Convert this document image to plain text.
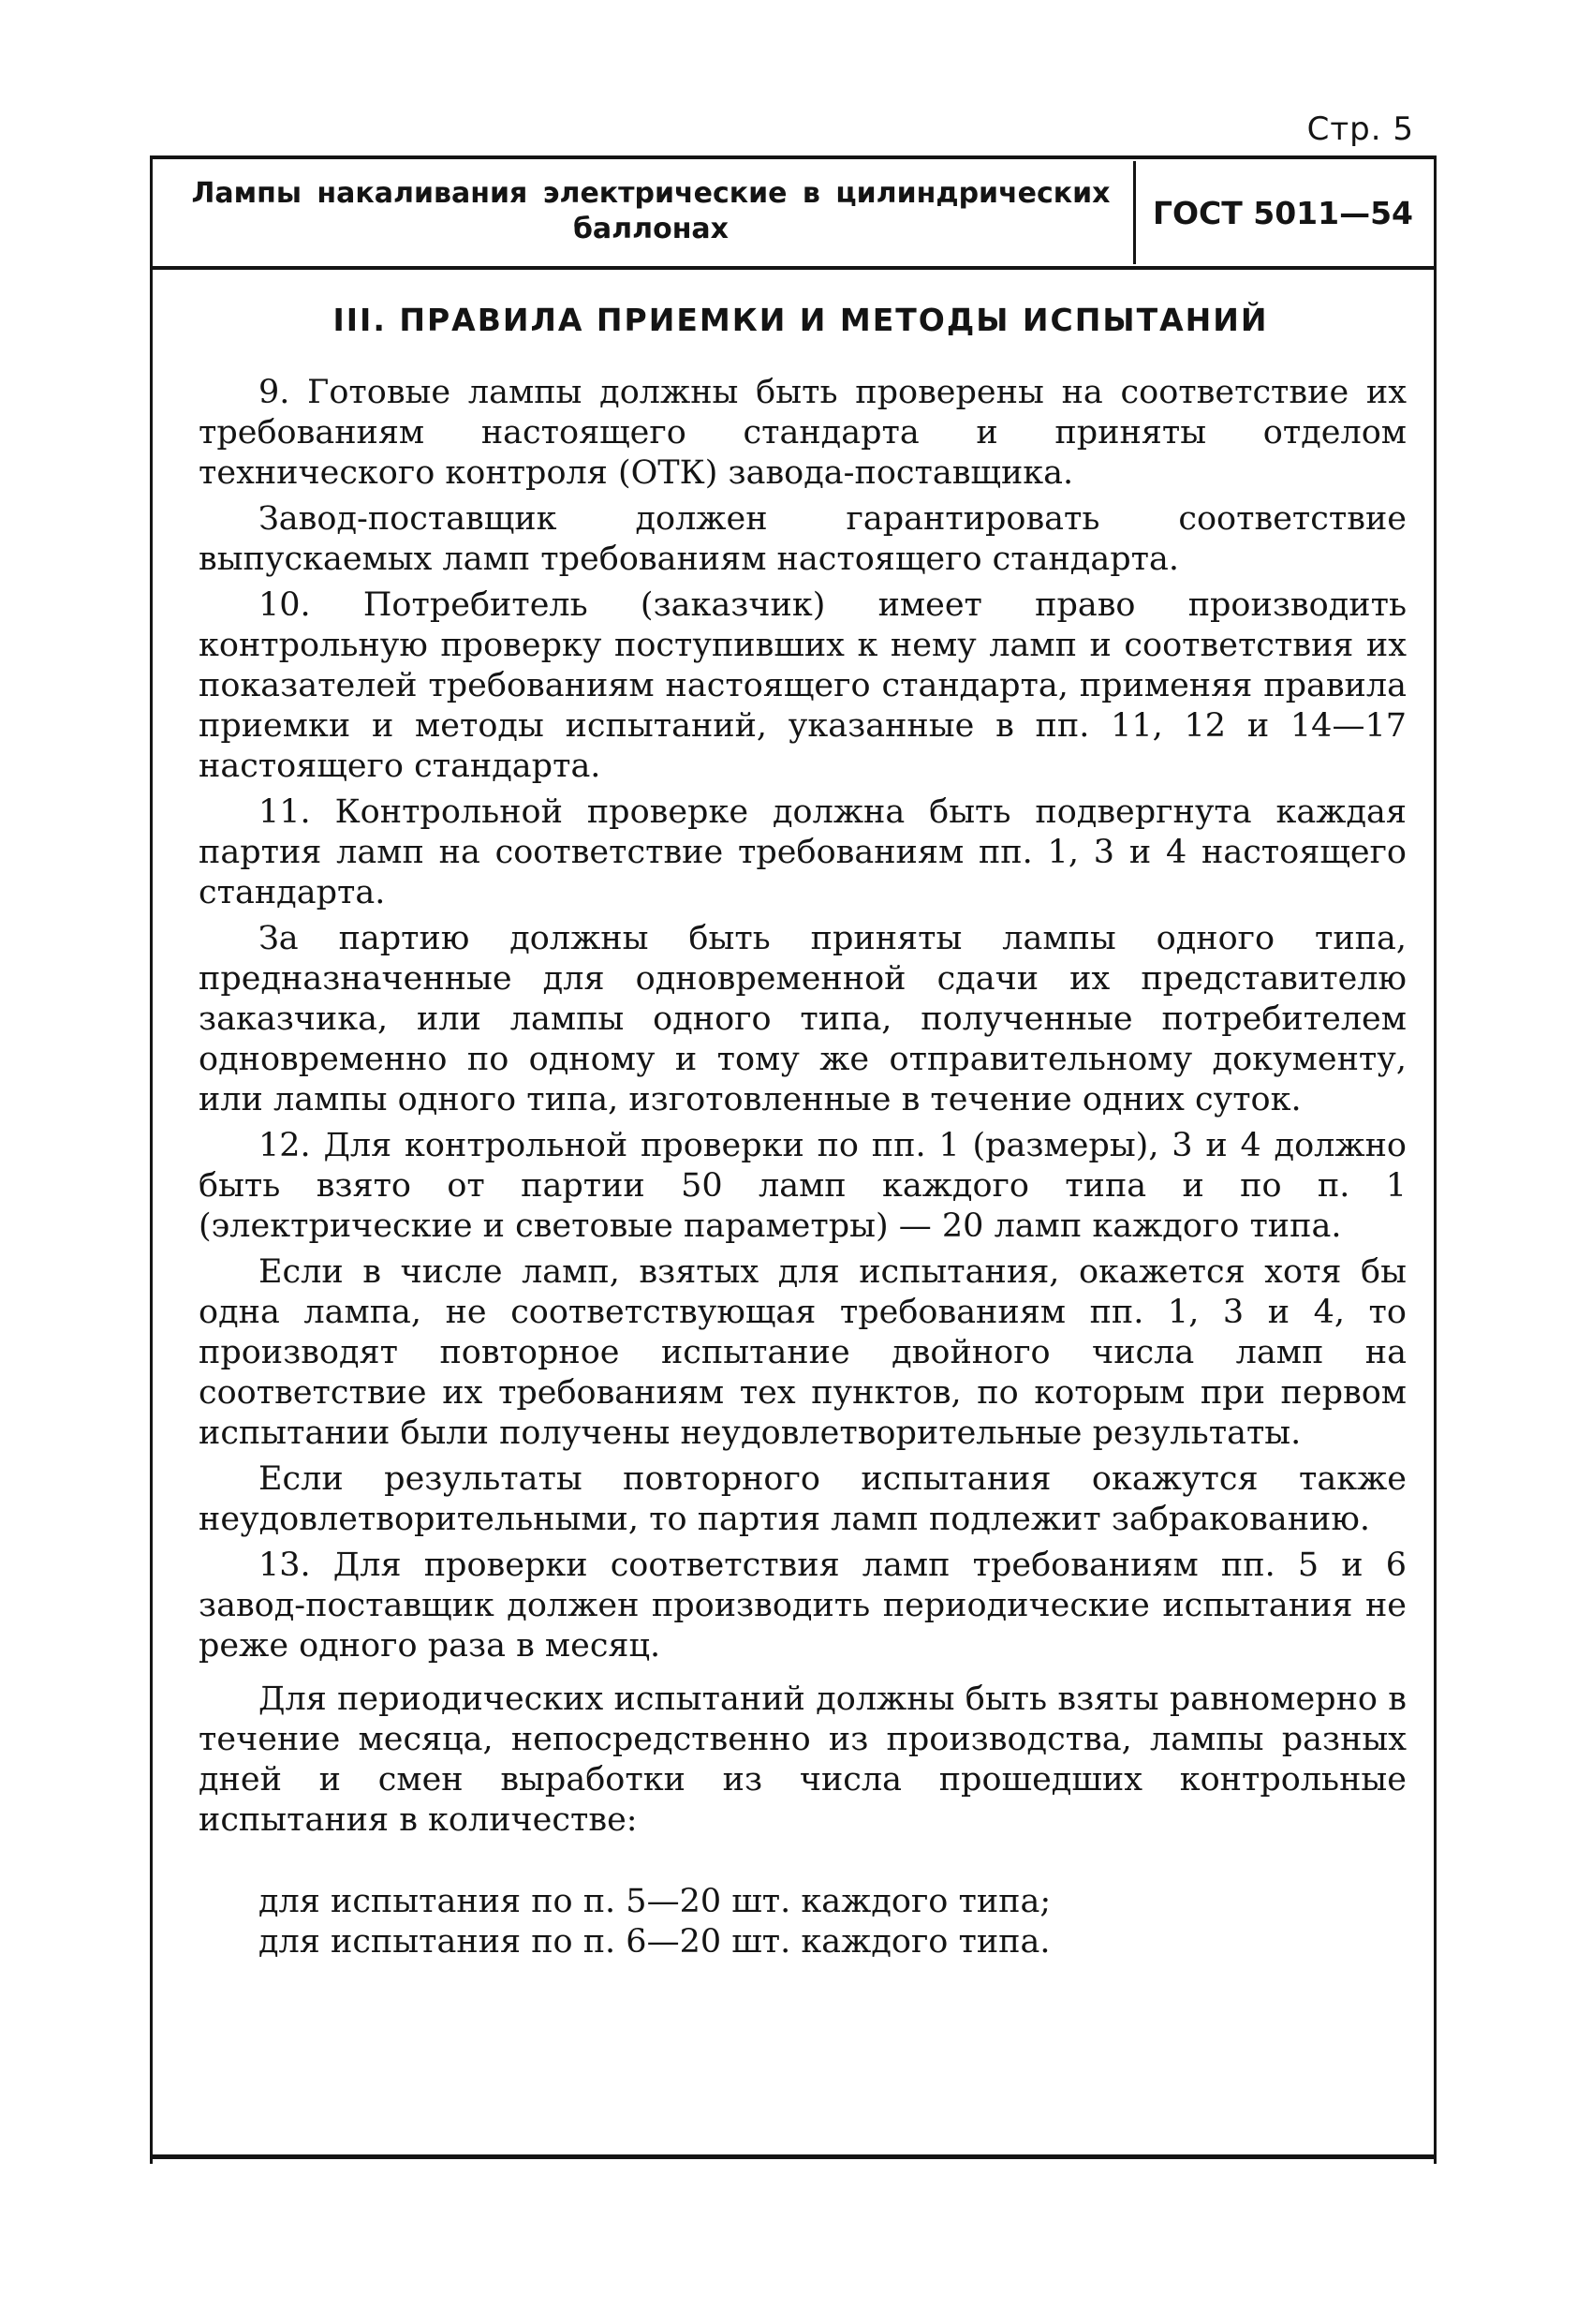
Стр. 5
Лампы накаливания электрические в цилиндрических баллонах	ГОСТ 5011—54
III. ПРАВИЛА ПРИЕМКИ И МЕТОДЫ ИСПЫТАНИЙ

9. Готовые лампы должны быть проверены на соответствие их требованиям настоящего стандарта и приняты отделом технического контроля (ОТК) завода-поставщика.

Завод-поставщик должен гарантировать соответствие выпускаемых ламп требованиям настоящего стандарта.

10. Потребитель (заказчик) имеет право производить контрольную проверку поступивших к нему ламп и соответствия их показателей требованиям настоящего стандарта, применяя правила приемки и методы испытаний, указанные в пп. 11, 12 и 14—17 настоящего стандарта.

11. Контрольной проверке должна быть подвергнута каждая партия ламп на соответствие требованиям пп. 1, 3 и 4 настоящего стандарта.

За партию должны быть приняты лампы одного типа, предназначенные для одновременной сдачи их представителю заказчика, или лампы одного типа, полученные потребителем одновременно по одному и тому же отправительному документу, или лампы одного типа, изготовленные в течение одних суток.

12. Для контрольной проверки по пп. 1 (размеры), 3 и 4 должно быть взято от партии 50 ламп каждого типа и по п. 1 (электрические и световые параметры) — 20 ламп каждого типа.

Если в числе ламп, взятых для испытания, окажется хотя бы одна лампа, не соответствующая требованиям пп. 1, 3 и 4, то производят повторное испытание двойного числа ламп на соответствие их требованиям тех пунктов, по которым при первом испытании были получены неудовлетворительные результаты.

Если результаты повторного испытания окажутся также неудовлетворительными, то партия ламп подлежит забракованию.

13. Для проверки соответствия ламп требованиям пп. 5 и 6 завод-поставщик должен производить периодические испытания не реже одного раза в месяц.

Для периодических испытаний должны быть взяты равномерно в течение месяца, непосредственно из производства, лампы разных дней и смен выработки из числа прошедших контрольные испытания в количестве:

для испытания по п. 5—20 шт. каждого типа;
для испытания по п. 6—20 шт. каждого типа.
